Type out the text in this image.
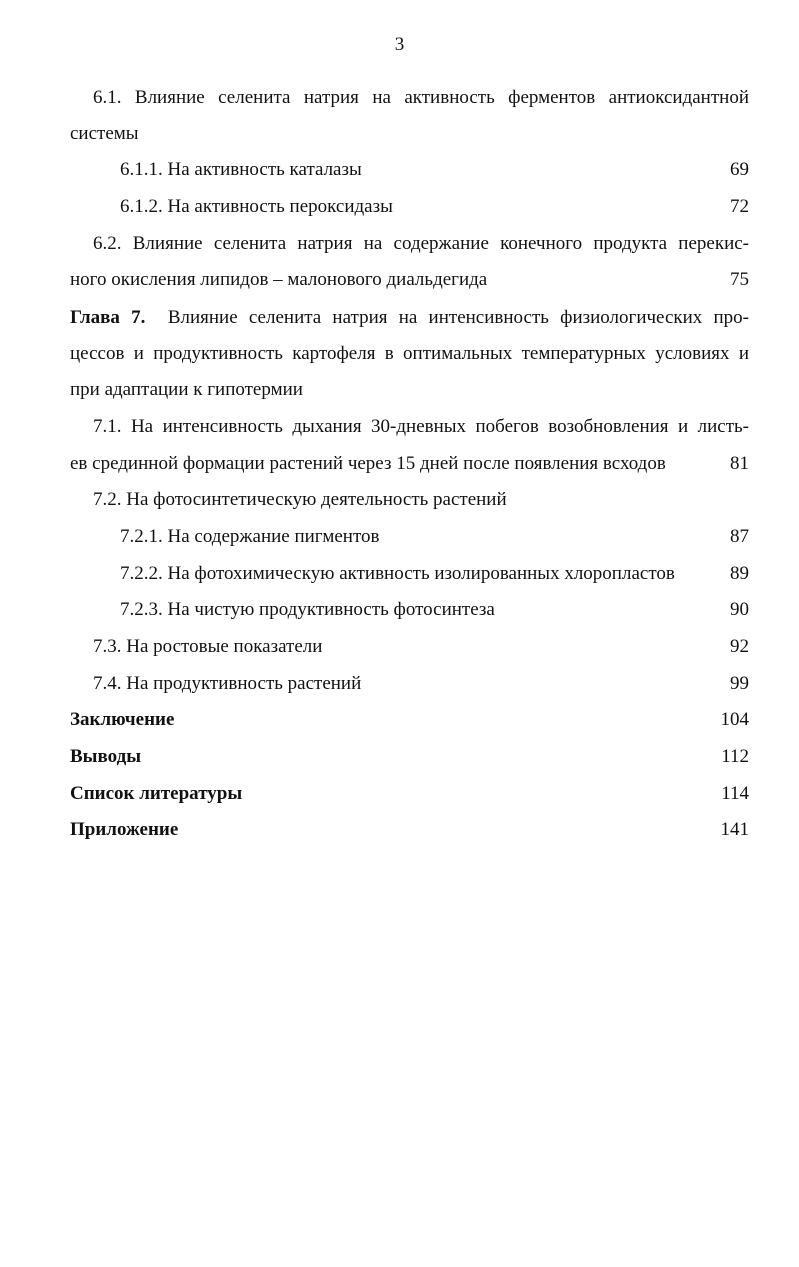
3
6.1. Влияние селенита натрия на активность ферментов антиоксидантной
системы
6.1.1. На активность каталазы	69
6.1.2. На активность пероксидазы	72
6.2. Влияние селенита натрия на содержание конечного продукта перекис-
ного окисления липидов – малонового диальдегида	75
Глава 7. Влияние селенита натрия на интенсивность физиологических про-
цессов и продуктивность картофеля в оптимальных температурных условиях и
при адаптации к гипотермии
7.1. На интенсивность дыхания 30-дневных побегов возобновления и листь-
ев срединной формации растений через 15 дней после появления всходов	81
7.2. На фотосинтетическую деятельность растений
7.2.1. На содержание пигментов	87
7.2.2. На фотохимическую активность изолированных хлоропластов	89
7.2.3. На чистую продуктивность фотосинтеза	90
7.3. На ростовые показатели	92
7.4. На продуктивность растений	99
Заключение	104
Выводы	112
Список литературы	114
Приложение	141
